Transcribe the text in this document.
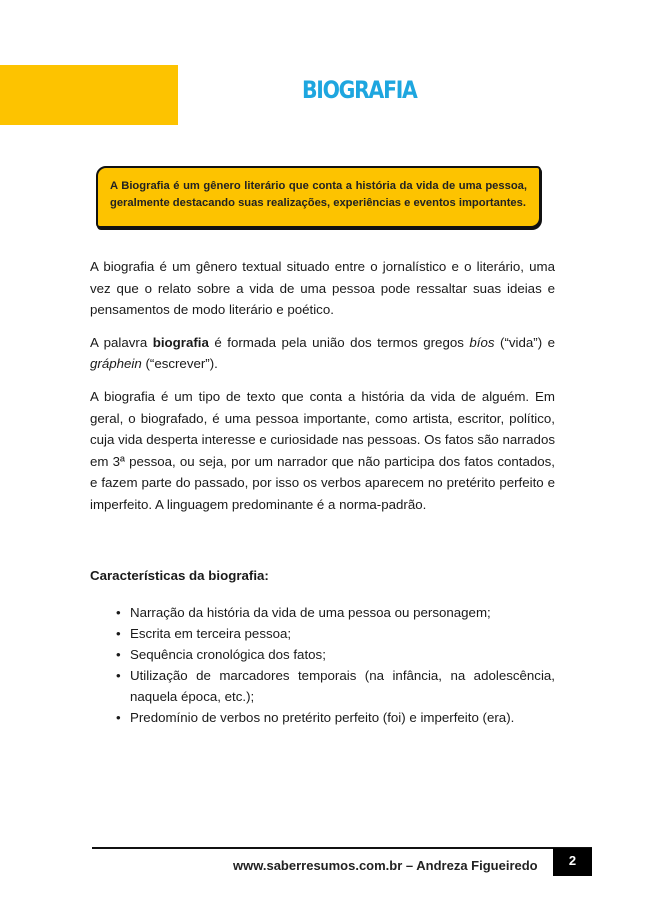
BIOGRAFIA

A Biografia é um gênero literário que conta a história da vida de uma pessoa, geralmente destacando suas realizações, experiências e eventos importantes.

A biografia é um gênero textual situado entre o jornalístico e o literário, uma vez que o relato sobre a vida de uma pessoa pode ressaltar suas ideias e pensamentos de modo literário e poético.

A palavra biografia é formada pela união dos termos gregos bíos (“vida”) e gráphein (“escrever”).

A biografia é um tipo de texto que conta a história da vida de alguém. Em geral, o biografado, é uma pessoa importante, como artista, escritor, político, cuja vida desperta interesse e curiosidade nas pessoas. Os fatos são narrados em 3ª pessoa, ou seja, por um narrador que não participa dos fatos contados, e fazem parte do passado, por isso os verbos aparecem no pretérito perfeito e imperfeito. A linguagem predominante é a norma-padrão.

Características da biografia:
• Narração da história da vida de uma pessoa ou personagem;
• Escrita em terceira pessoa;
• Sequência cronológica dos fatos;
• Utilização de marcadores temporais (na infância, na adolescência, naquela época, etc.);
• Predomínio de verbos no pretérito perfeito (foi) e imperfeito (era).
www.saberresumos.com.br – Andreza Figueiredo	2
